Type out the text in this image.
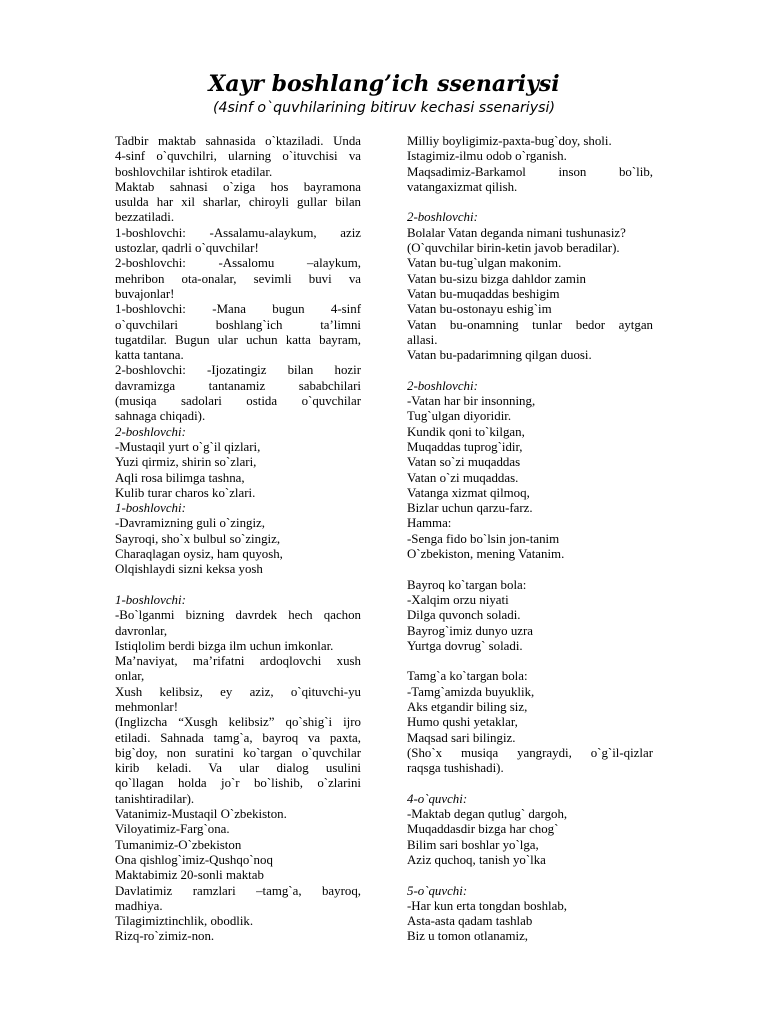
Xayr boshlang’ich ssenariysi

(4sinf o`quvhilarining bitiruv kechasi ssenariysi)

Tadbir maktab sahnasida o`ktaziladi. Unda
4-sinf o`quvchilri, ularning o`ituvchisi va
boshlovchilar ishtirok etadilar.
Maktab sahnasi o`ziga hos bayramona
usulda har xil sharlar, chiroyli gullar bilan
bezzatiladi.
1-boshlovchi: -Assalamu-alaykum, aziz
ustozlar, qadrli o`quvchilar!
2-boshlovchi: -Assalomu –alaykum,
mehribon ota-onalar, sevimli buvi va
buvajonlar!
1-boshlovchi: -Mana bugun 4-sinf
o`quvchilari boshlang`ich ta’limni
tugatdilar. Bugun ular uchun katta bayram,
katta tantana.
2-boshlovchi: -Ijozatingiz bilan hozir
davramizga tantanamiz sababchilari
(musiqa sadolari ostida o`quvchilar
sahnaga chiqadi).
2-boshlovchi:
-Mustaqil yurt o`g`il qizlari,
Yuzi qirmiz, shirin so`zlari,
Aqli rosa bilimga tashna,
Kulib turar charos ko`zlari.
1-boshlovchi:
-Davramizning guli o`zingiz,
Sayroqi, sho`x bulbul so`zingiz,
Charaqlagan oysiz, ham quyosh,
Olqishlaydi sizni keksa yosh
1-boshlovchi:
-Bo`lganmi bizning davrdek hech qachon
davronlar,
Istiqlolim berdi bizga ilm uchun imkonlar.
Ma’naviyat, ma’rifatni ardoqlovchi xush
onlar,
Xush kelibsiz, ey aziz, o`qituvchi-yu
mehmonlar!
(Inglizcha “Xusgh kelibsiz” qo`shig`i ijro
etiladi. Sahnada tamg`a, bayroq va paxta,
big`doy, non suratini ko`targan o`quvchilar
kirib keladi. Va ular dialog usulini
qo`llagan holda jo`r bo`lishib, o`zlarini
tanishtiradilar).
Vatanimiz-Mustaqil O`zbekiston.
Viloyatimiz-Farg`ona.
Tumanimiz-O`zbekiston
Ona qishlog`imiz-Qushqo`noq
Maktabimiz 20-sonli maktab
Davlatimiz ramzlari –tamg`a, bayroq,
madhiya.
Tilagimiztinchlik, obodlik.
Rizq-ro`zimiz-non.
Milliy boyligimiz-paxta-bug`doy, sholi.
Istagimiz-ilmu odob o`rganish.
Maqsadimiz-Barkamol inson bo`lib,
vatangaxizmat qilish.
2-boshlovchi:
Bolalar Vatan deganda nimani tushunasiz?
(O`quvchilar birin-ketin javob beradilar).
Vatan bu-tug`ulgan makonim.
Vatan bu-sizu bizga dahldor zamin
Vatan bu-muqaddas beshigim
Vatan bu-ostonayu eshig`im
Vatan bu-onamning tunlar bedor aytgan
allasi.
Vatan bu-padarimning qilgan duosi.
2-boshlovchi:
-Vatan har bir insonning,
Tug`ulgan diyoridir.
Kundik qoni to`kilgan,
Muqaddas tuprog`idir,
Vatan so`zi muqaddas
Vatan o`zi muqaddas.
Vatanga xizmat qilmoq,
Bizlar uchun qarzu-farz.
Hamma:
-Senga fido bo`lsin jon-tanim
O`zbekiston, mening Vatanim.
Bayroq ko`targan bola:
-Xalqim orzu niyati
Dilga quvonch soladi.
Bayrog`imiz dunyo uzra
Yurtga dovrug` soladi.
Tamg`a ko`targan bola:
-Tamg`amizda buyuklik,
Aks etgandir biling siz,
Humo qushi yetaklar,
Maqsad sari bilingiz.
(Sho`x musiqa yangraydi, o`g`il-qizlar
raqsga tushishadi).
4-o`quvchi:
-Maktab degan qutlug` dargoh,
Muqaddasdir bizga har chog`
Bilim sari boshlar yo`lga,
Aziz quchoq, tanish yo`lka
5-o`quvchi:
-Har kun erta tongdan boshlab,
Asta-asta qadam tashlab
Biz u tomon otlanamiz,
